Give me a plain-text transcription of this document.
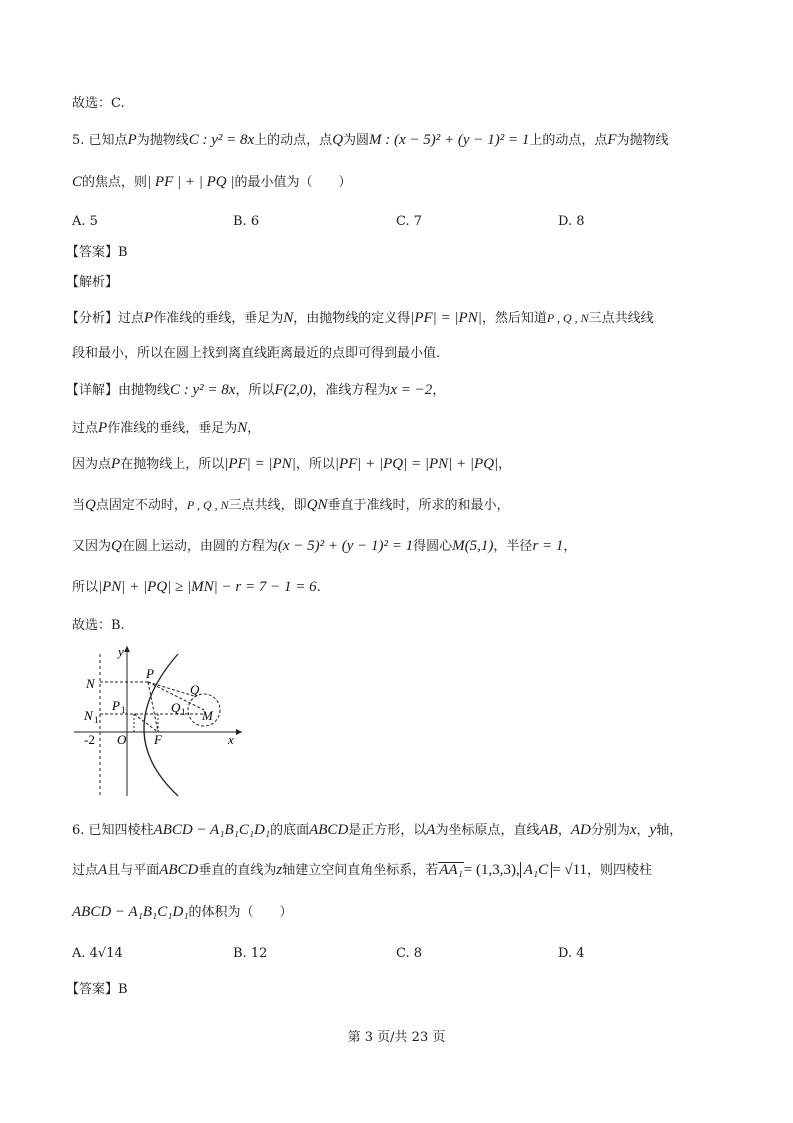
故选：C.
5. 已知点P为抛物线C : y² = 8x上的动点，点Q为圆M : (x − 5)² + (y − 1)² = 1上的动点，点F为抛物线
C的焦点，则| PF | + | PQ |的最小值为（　　）
A. 5	B. 6	C. 7	D. 8
【答案】B
【解析】
【分析】过点P作准线的垂线，垂足为N，由抛物线的定义得|PF| = |PN|，然后知道P , Q , N三点共线线
段和最小，所以在圆上找到离直线距离最近的点即可得到最小值.
【详解】由抛物线C : y² = 8x，所以F(2,0)，准线方程为x = −2，
过点P作准线的垂线，垂足为N，
因为点P在抛物线上，所以|PF| = |PN|，所以|PF| + |PQ| = |PN| + |PQ|，
当Q点固定不动时，P , Q , N三点共线，即QN垂直于准线时，所求的和最小，
又因为Q在圆上运动，由圆的方程为(x − 5)² + (y − 1)² = 1得圆心M(5,1)，半径r = 1，
所以|PN| + |PQ| ≥ |MN| − r = 7 − 1 = 6.
故选：B.
y
x
P
N
N 1
P 1
Q
Q 1 M
O F
-2
6. 已知四棱柱ABCD − A₁B₁C₁D₁的底面ABCD是正方形，以A为坐标原点，直线AB，AD分别为x，y轴，
过点A且与平面ABCD垂直的直线为z轴建立空间直角坐标系，若AA₁= (1,3,3), A₁C = √11，则四棱柱
ABCD − A₁B₁C₁D₁的体积为（　　）
A. 4√14	B. 12	C. 8	D. 4
【答案】B
第 3 页/共 23 页
